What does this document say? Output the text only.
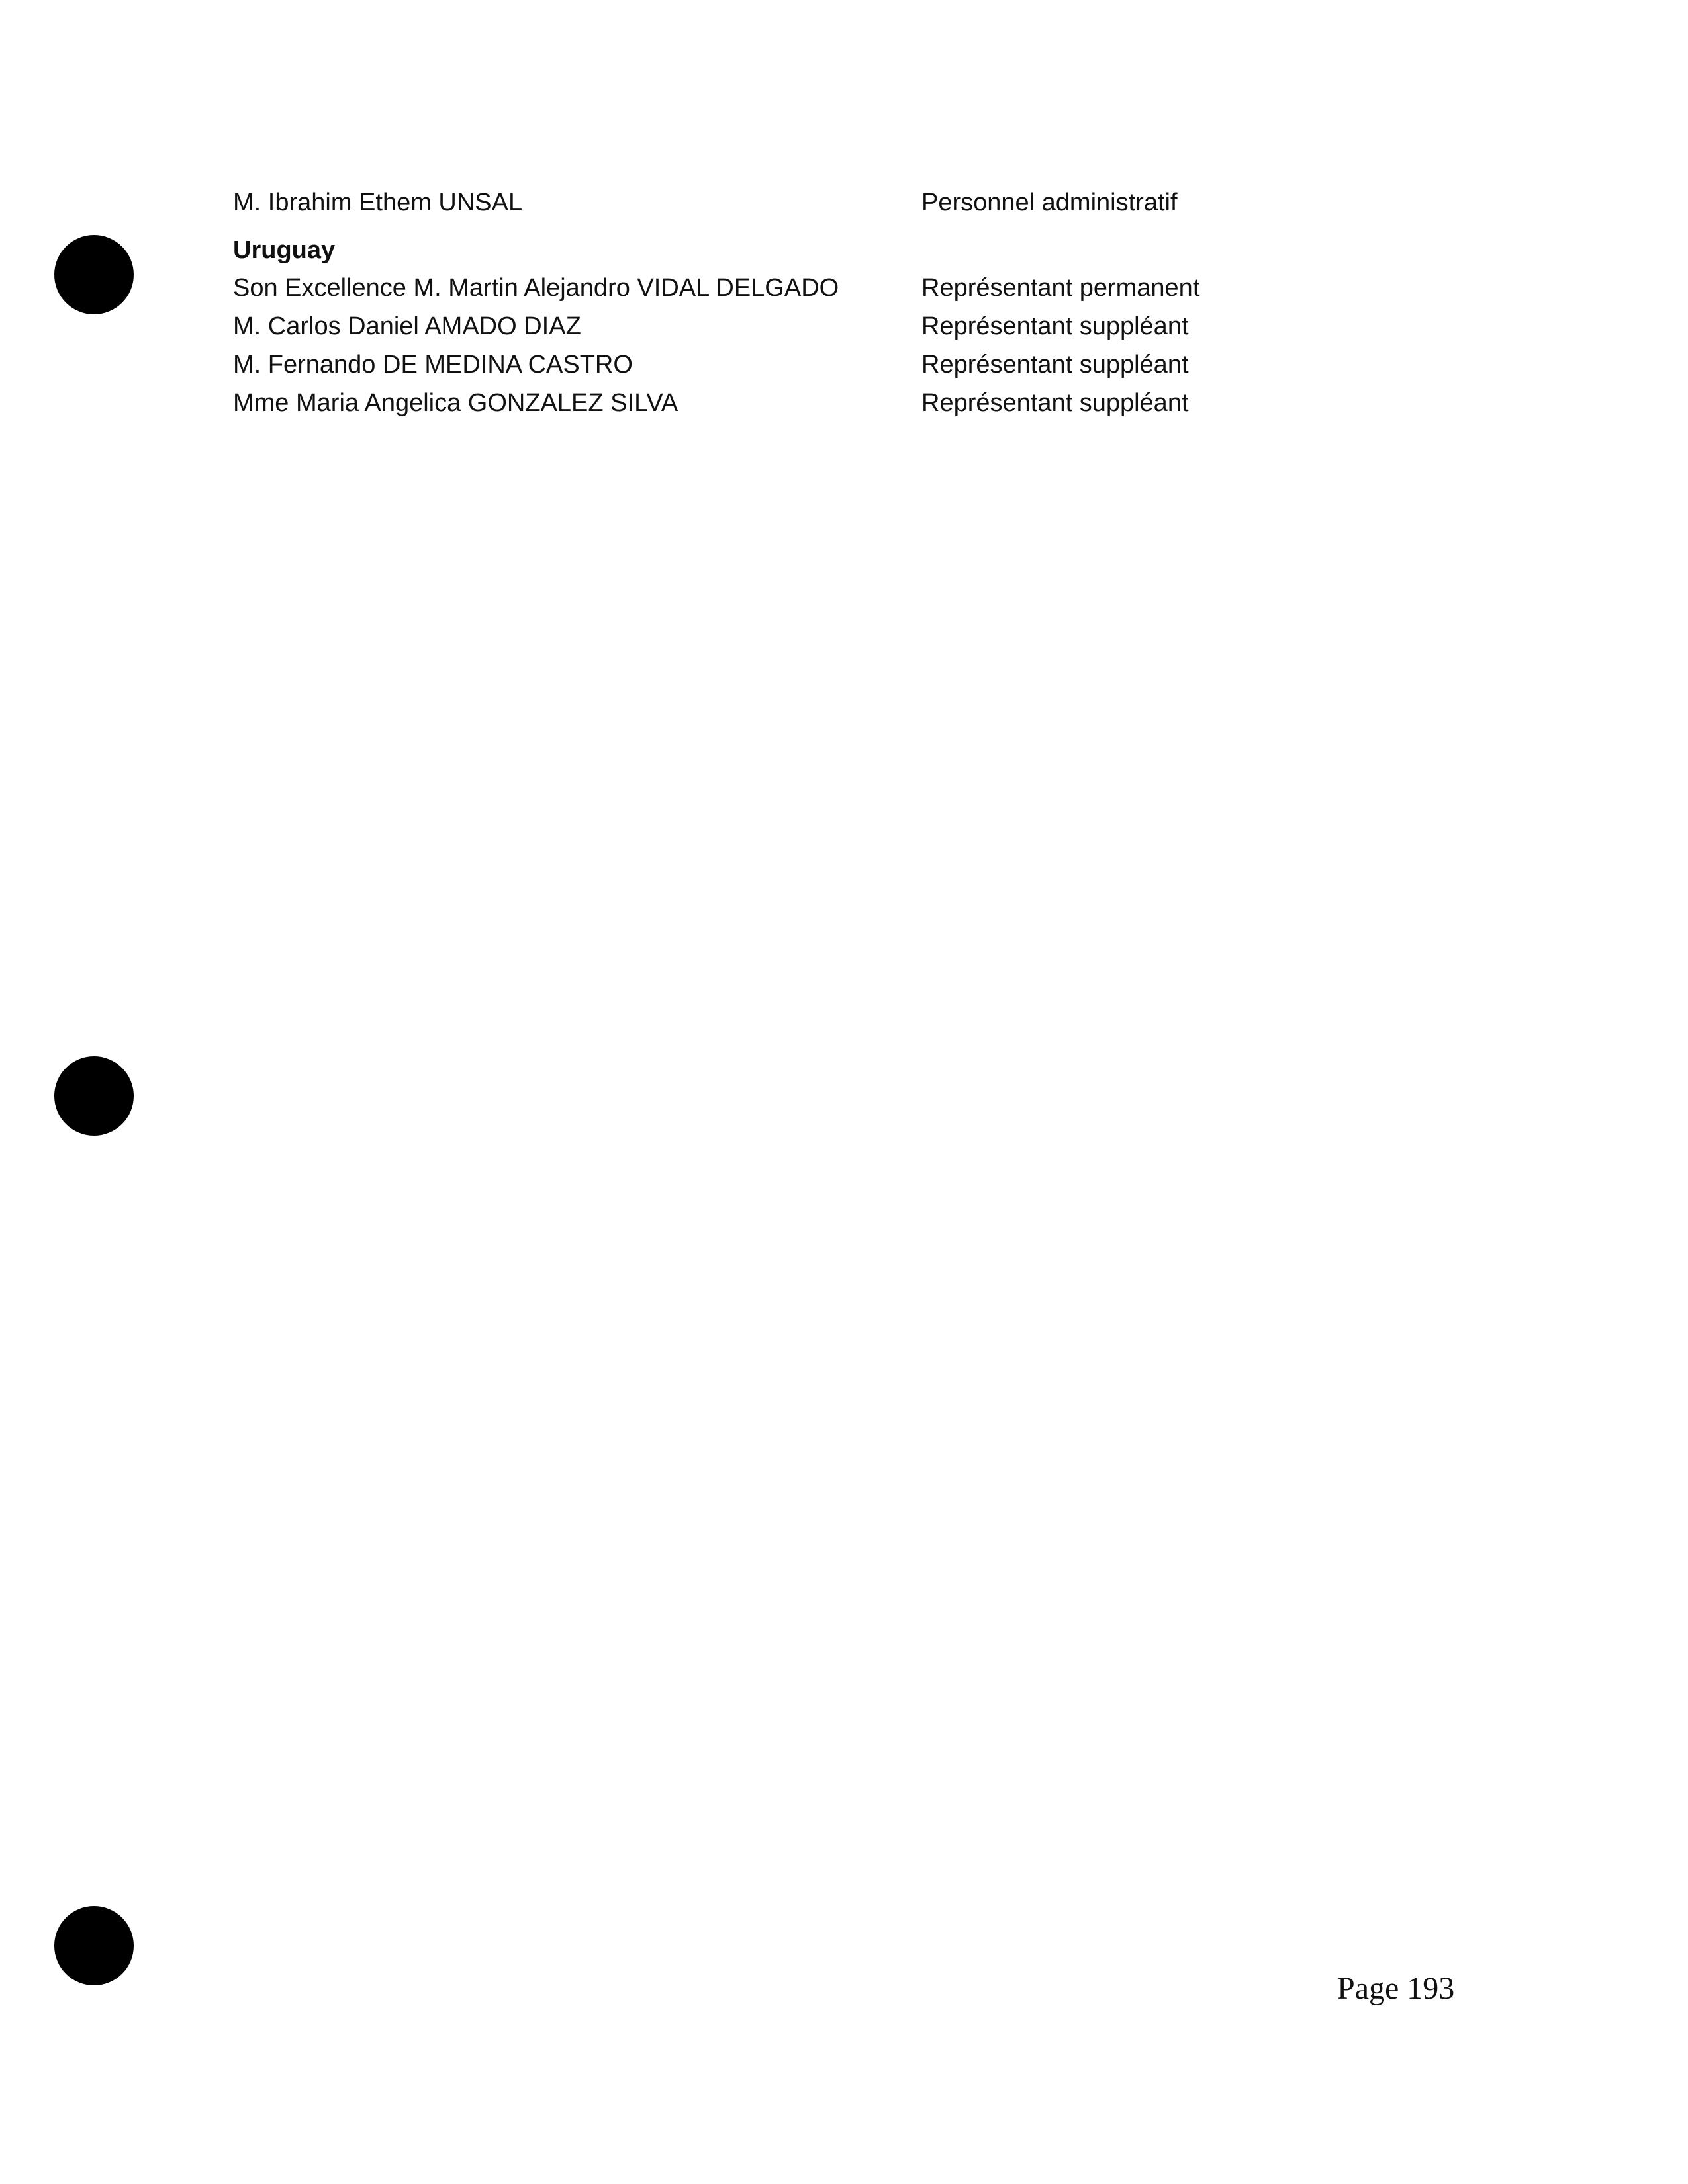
M. Ibrahim Ethem UNSAL	Personnel administratif
Uruguay
Son Excellence M. Martin Alejandro VIDAL DELGADO	Représentant permanent
M. Carlos Daniel AMADO DIAZ	Représentant suppléant
M. Fernando DE MEDINA CASTRO	Représentant suppléant
Mme Maria Angelica GONZALEZ SILVA	Représentant suppléant
Page 193
